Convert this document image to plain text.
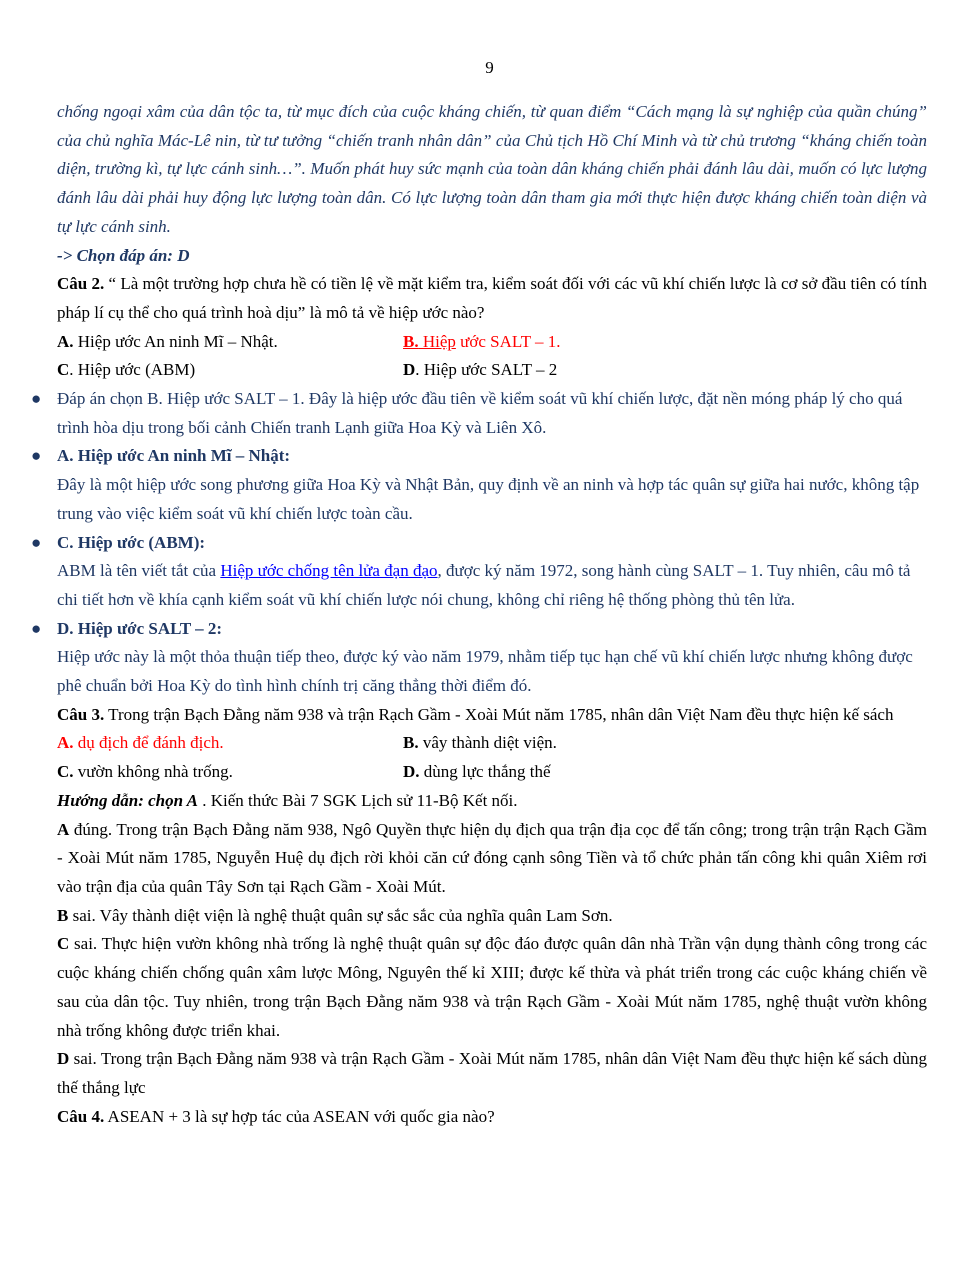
9

chống ngoại xâm của dân tộc ta, từ mục đích của cuộc kháng chiến, từ quan điểm “Cách mạng là sự nghiệp của quần chúng” của chủ nghĩa Mác-Lê nin, từ tư tưởng “chiến tranh nhân dân” của Chủ tịch Hồ Chí Minh và từ chủ trương “kháng chiến toàn diện, trường kì, tự lực cánh sinh…”. Muốn phát huy sức mạnh của toàn dân kháng chiến phải đánh lâu dài, muốn có lực lượng đánh lâu dài phải huy động lực lượng toàn dân. Có lực lượng toàn dân tham gia mới thực hiện được kháng chiến toàn diện và tự lực cánh sinh.

-> Chọn đáp án: D

Câu 2. “ Là một trường hợp chưa hề có tiền lệ về mặt kiểm tra, kiểm soát đối với các vũ khí chiến lược là cơ sở đầu tiên có tính pháp lí cụ thể cho quá trình hoà dịu” là mô tả về hiệp ước nào?

A. Hiệp ước An ninh Mĩ – Nhật.	B. Hiệp ước SALT – 1.
C. Hiệp ước (ABM)	D. Hiệp ước SALT – 2
● Đáp án chọn B. Hiệp ước SALT – 1. Đây là hiệp ước đầu tiên về kiểm soát vũ khí chiến lược, đặt nền móng pháp lý cho quá trình hòa dịu trong bối cảnh Chiến tranh Lạnh giữa Hoa Kỳ và Liên Xô.
● A. Hiệp ước An ninh Mĩ – Nhật:
Đây là một hiệp ước song phương giữa Hoa Kỳ và Nhật Bản, quy định về an ninh và hợp tác quân sự giữa hai nước, không tập trung vào việc kiểm soát vũ khí chiến lược toàn cầu.
● C. Hiệp ước (ABM):
ABM là tên viết tắt của Hiệp ước chống tên lửa đạn đạo, được ký năm 1972, song hành cùng SALT – 1. Tuy nhiên, câu mô tả chi tiết hơn về khía cạnh kiểm soát vũ khí chiến lược nói chung, không chỉ riêng hệ thống phòng thủ tên lửa.
● D. Hiệp ước SALT – 2:
Hiệp ước này là một thỏa thuận tiếp theo, được ký vào năm 1979, nhằm tiếp tục hạn chế vũ khí chiến lược nhưng không được phê chuẩn bởi Hoa Kỳ do tình hình chính trị căng thẳng thời điểm đó.

Câu 3. Trong trận Bạch Đằng năm 938 và trận Rạch Gầm - Xoài Mút năm 1785, nhân dân Việt Nam đều thực hiện kế sách

A. dụ địch để đánh địch.	B. vây thành diệt viện.
C. vườn không nhà trống.	D. dùng lực thắng thế

Hướng dẫn: chọn A . Kiến thức Bài 7 SGK Lịch sử 11-Bộ Kết nối.

A đúng. Trong trận Bạch Đằng năm 938, Ngô Quyền thực hiện dụ địch qua trận địa cọc để tấn công; trong trận trận Rạch Gầm - Xoài Mút năm 1785, Nguyễn Huệ dụ địch rời khỏi căn cứ đóng cạnh sông Tiền và tổ chức phản tấn công khi quân Xiêm rơi vào trận địa của quân Tây Sơn tại Rạch Gầm - Xoài Mút.

B sai. Vây thành diệt viện là nghệ thuật quân sự sắc sắc của nghĩa quân Lam Sơn.

C sai. Thực hiện vườn không nhà trống là nghệ thuật quân sự độc đáo được quân dân nhà Trần vận dụng thành công trong các cuộc kháng chiến chống quân xâm lược Mông, Nguyên thế kỉ XIII; được kế thừa và phát triển trong các cuộc kháng chiến về sau của dân tộc. Tuy nhiên, trong trận Bạch Đằng năm 938 và trận Rạch Gầm - Xoài Mút năm 1785, nghệ thuật vườn không nhà trống không được triển khai.

D sai. Trong trận Bạch Đằng năm 938 và trận Rạch Gầm - Xoài Mút năm 1785, nhân dân Việt Nam đều thực hiện kế sách dùng thế thắng lực

Câu 4. ASEAN + 3 là sự hợp tác của ASEAN với quốc gia nào?
